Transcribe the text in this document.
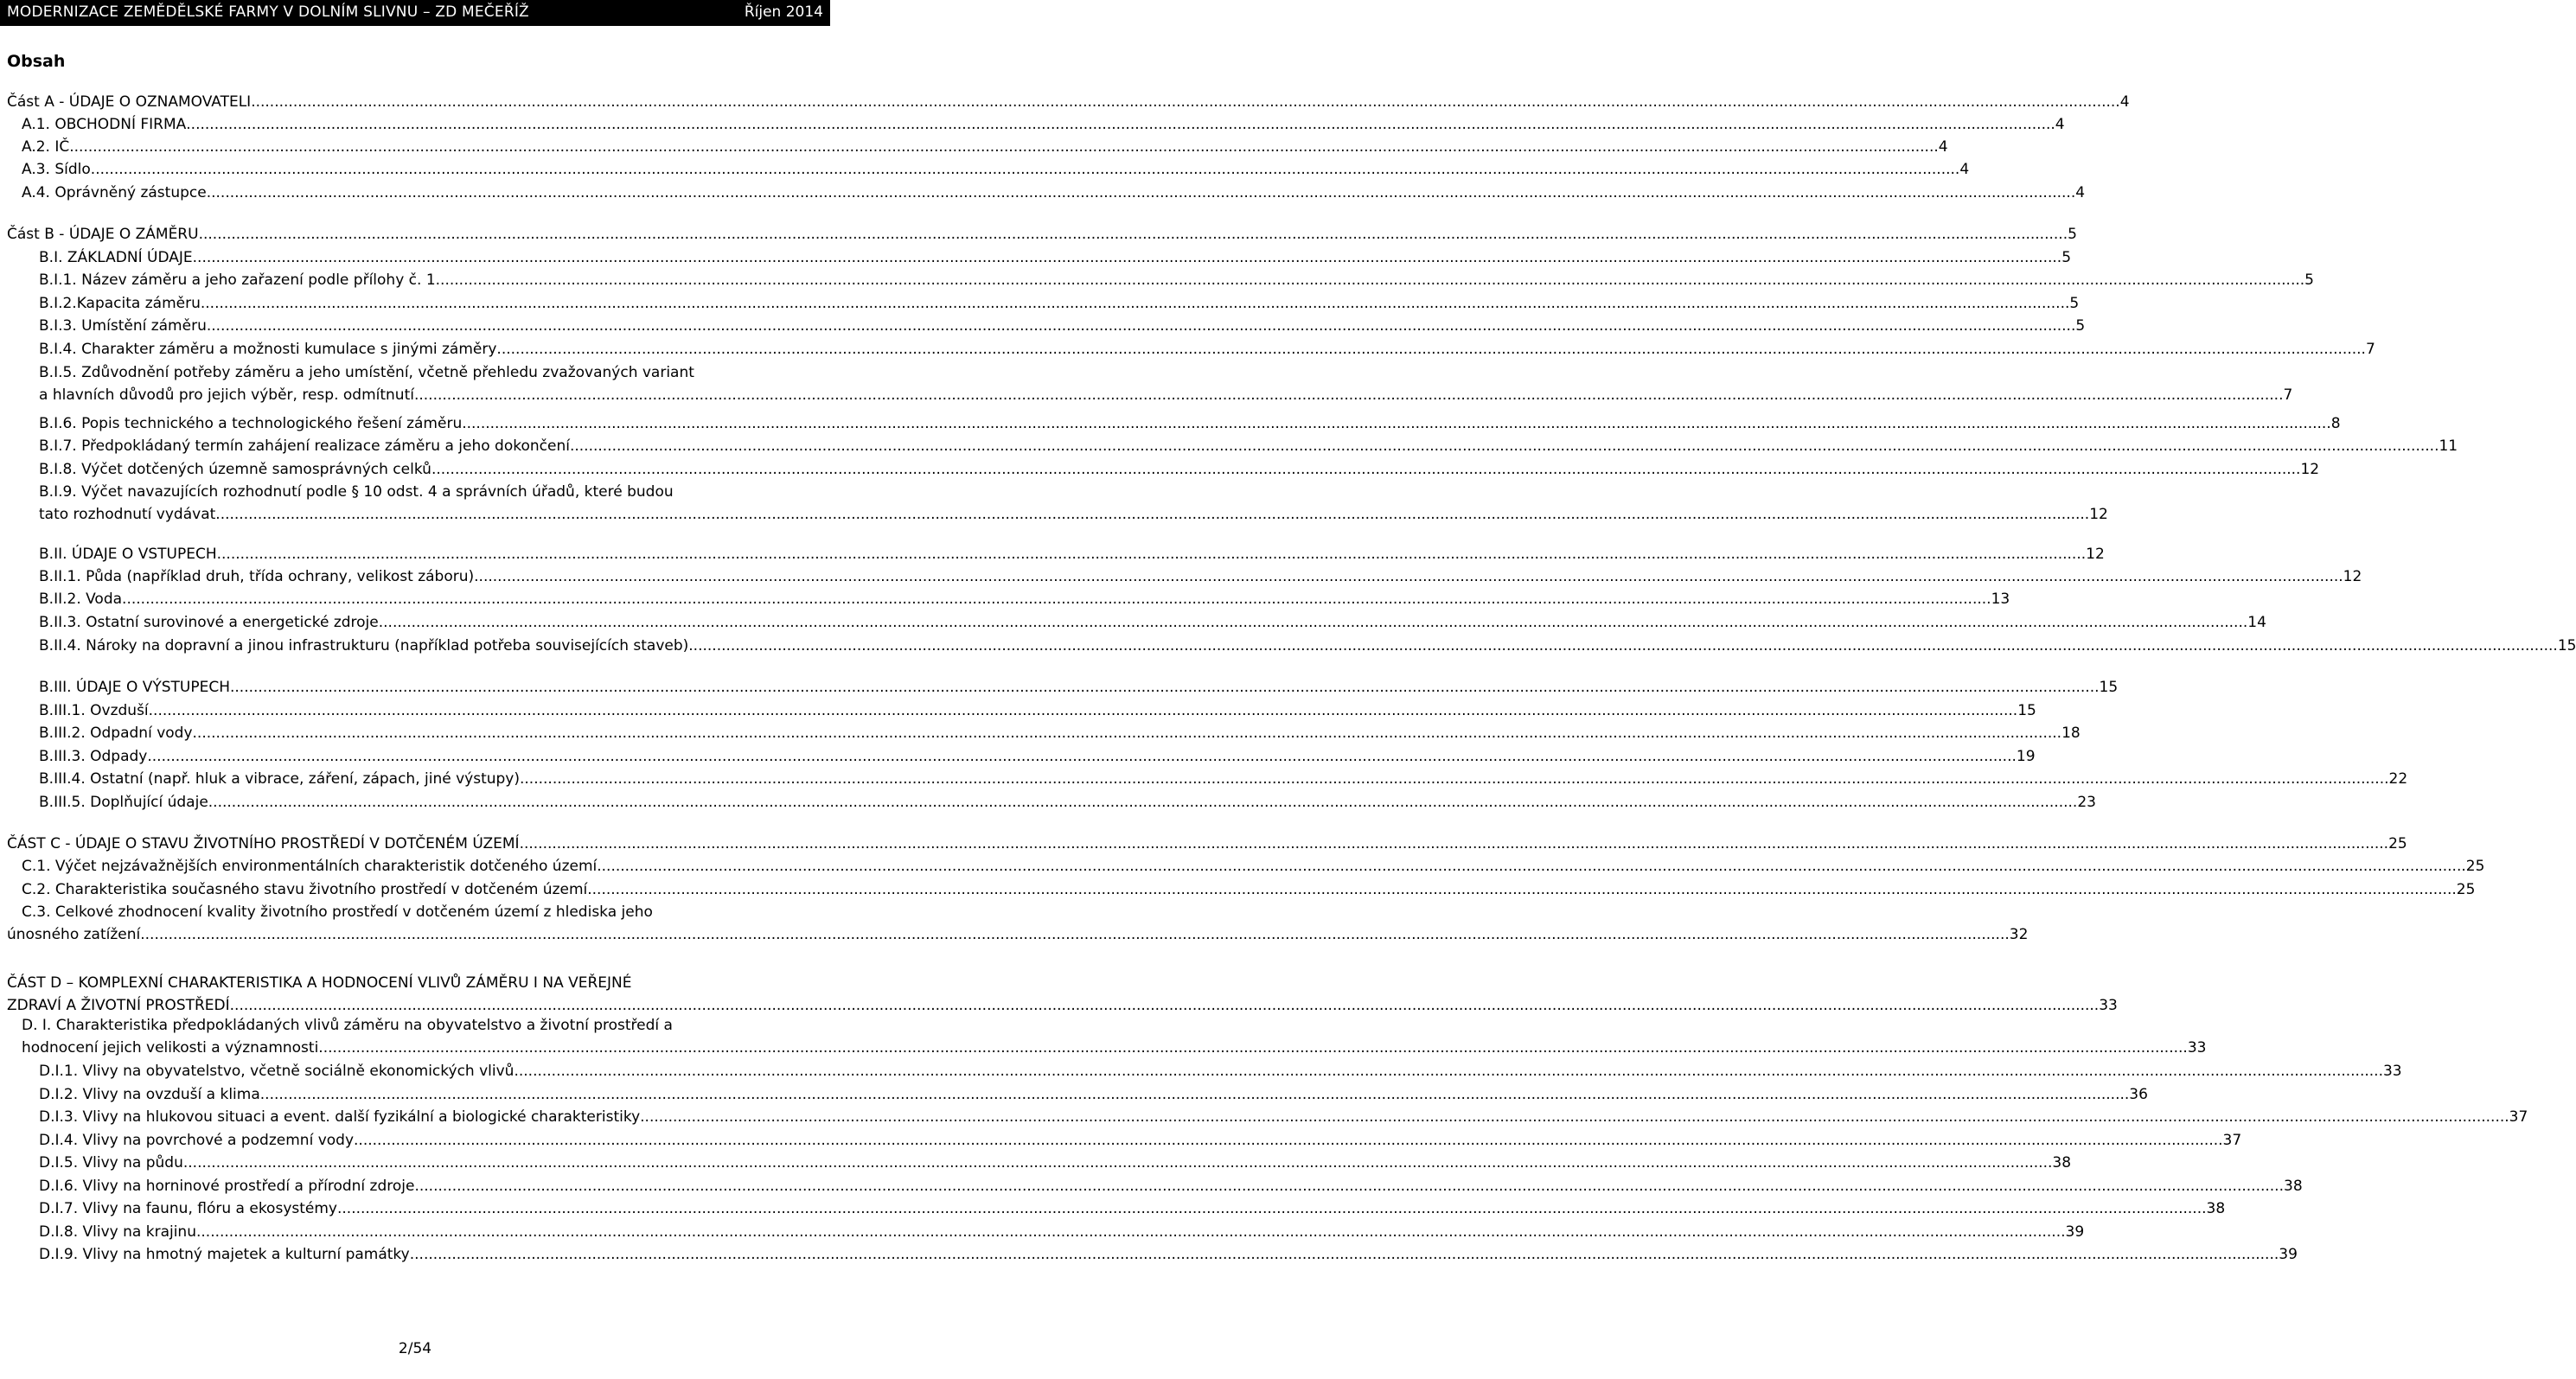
MODERNIZACE ZEMĚDĚLSKÉ FARMY V DOLNÍM SLIVNU – ZD MEČEŘÍŽ	Říjen 2014
Obsah
Část A - ÚDAJE O OZNAMOVATELI ................................................................................................................................................................................................................................................................................................................................................................................................................ 4
A.1. OBCHODNÍ FIRMA ................................................................................................................................................................................................................................................................................................................................................................................................................ 4
A.2. IČ ................................................................................................................................................................................................................................................................................................................................................................................................................ 4
A.3. Sídlo ................................................................................................................................................................................................................................................................................................................................................................................................................ 4
A.4. Oprávněný zástupce ................................................................................................................................................................................................................................................................................................................................................................................................................ 4
Část B - ÚDAJE O ZÁMĚRU ................................................................................................................................................................................................................................................................................................................................................................................................................ 5
B.I. ZÁKLADNÍ ÚDAJE ................................................................................................................................................................................................................................................................................................................................................................................................................ 5
B.I.1. Název záměru a jeho zařazení podle přílohy č. 1 ................................................................................................................................................................................................................................................................................................................................................................................................................ 5
B.I.2.Kapacita záměru ................................................................................................................................................................................................................................................................................................................................................................................................................ 5
B.I.3. Umístění záměru ................................................................................................................................................................................................................................................................................................................................................................................................................ 5
B.I.4. Charakter záměru a možnosti kumulace s jinými záměry ................................................................................................................................................................................................................................................................................................................................................................................................................ 7
B.I.5. Zdůvodnění potřeby záměru a jeho umístění, včetně přehledu zvažovaných variant
a hlavních důvodů pro jejich výběr, resp. odmítnutí ................................................................................................................................................................................................................................................................................................................................................................................................................ 7
B.I.6. Popis technického a technologického řešení záměru ................................................................................................................................................................................................................................................................................................................................................................................................................ 8
B.I.7. Předpokládaný termín zahájení realizace záměru a jeho dokončení ................................................................................................................................................................................................................................................................................................................................................................................................................ 11
B.I.8. Výčet dotčených územně samosprávných celků ................................................................................................................................................................................................................................................................................................................................................................................................................ 12
B.I.9. Výčet navazujících rozhodnutí podle § 10 odst. 4 a správních úřadů, které budou
tato rozhodnutí vydávat. ................................................................................................................................................................................................................................................................................................................................................................................................................ 12
B.II. ÚDAJE O VSTUPECH ................................................................................................................................................................................................................................................................................................................................................................................................................ 12
B.II.1. Půda (například druh, třída ochrany, velikost záboru) ................................................................................................................................................................................................................................................................................................................................................................................................................ 12
B.II.2. Voda ................................................................................................................................................................................................................................................................................................................................................................................................................ 13
B.II.3. Ostatní surovinové a energetické zdroje ................................................................................................................................................................................................................................................................................................................................................................................................................ 14
B.II.4. Nároky na dopravní a jinou infrastrukturu (například potřeba souvisejících staveb) ................................................................................................................................................................................................................................................................................................................................................................................................................ 15
B.III. ÚDAJE O VÝSTUPECH ................................................................................................................................................................................................................................................................................................................................................................................................................ 15
B.III.1. Ovzduší ................................................................................................................................................................................................................................................................................................................................................................................................................ 15
B.III.2. Odpadní vody ................................................................................................................................................................................................................................................................................................................................................................................................................ 18
B.III.3. Odpady ................................................................................................................................................................................................................................................................................................................................................................................................................ 19
B.III.4. Ostatní (např. hluk a vibrace, záření, zápach, jiné výstupy) ................................................................................................................................................................................................................................................................................................................................................................................................................ 22
B.III.5. Doplňující údaje ................................................................................................................................................................................................................................................................................................................................................................................................................ 23
ČÁST C - ÚDAJE O STAVU ŽIVOTNÍHO PROSTŘEDÍ V DOTČENÉM ÚZEMÍ ................................................................................................................................................................................................................................................................................................................................................................................................................ 25
C.1. Výčet nejzávažnějších environmentálních charakteristik dotčeného území ................................................................................................................................................................................................................................................................................................................................................................................................................ 25
C.2. Charakteristika současného stavu životního prostředí v dotčeném území ................................................................................................................................................................................................................................................................................................................................................................................................................ 25
C.3. Celkové zhodnocení kvality životního prostředí v dotčeném území z hlediska jeho
únosného zatížení ................................................................................................................................................................................................................................................................................................................................................................................................................ 32
ČÁST D – KOMPLEXNÍ CHARAKTERISTIKA A HODNOCENÍ VLIVŮ ZÁMĚRU I NA VEŘEJNÉ
ZDRAVÍ A ŽIVOTNÍ PROSTŘEDÍ ................................................................................................................................................................................................................................................................................................................................................................................................................ 33
D. I. Charakteristika předpokládaných vlivů záměru na obyvatelstvo a životní prostředí a
hodnocení jejich velikosti a významnosti ................................................................................................................................................................................................................................................................................................................................................................................................................ 33
D.I.1. Vlivy na obyvatelstvo, včetně sociálně ekonomických vlivů ................................................................................................................................................................................................................................................................................................................................................................................................................ 33
D.I.2. Vlivy na ovzduší a klima ................................................................................................................................................................................................................................................................................................................................................................................................................ 36
D.I.3. Vlivy na hlukovou situaci a event. další fyzikální a biologické charakteristiky ................................................................................................................................................................................................................................................................................................................................................................................................................ 37
D.I.4. Vlivy na povrchové a podzemní vody ................................................................................................................................................................................................................................................................................................................................................................................................................ 37
D.I.5. Vlivy na půdu ................................................................................................................................................................................................................................................................................................................................................................................................................ 38
D.I.6. Vlivy na horninové prostředí a přírodní zdroje ................................................................................................................................................................................................................................................................................................................................................................................................................ 38
D.I.7. Vlivy na faunu, flóru a ekosystémy ................................................................................................................................................................................................................................................................................................................................................................................................................ 38
D.I.8. Vlivy na krajinu ................................................................................................................................................................................................................................................................................................................................................................................................................ 39
D.I.9. Vlivy na hmotný majetek a kulturní památky ................................................................................................................................................................................................................................................................................................................................................................................................................ 39
2/54
